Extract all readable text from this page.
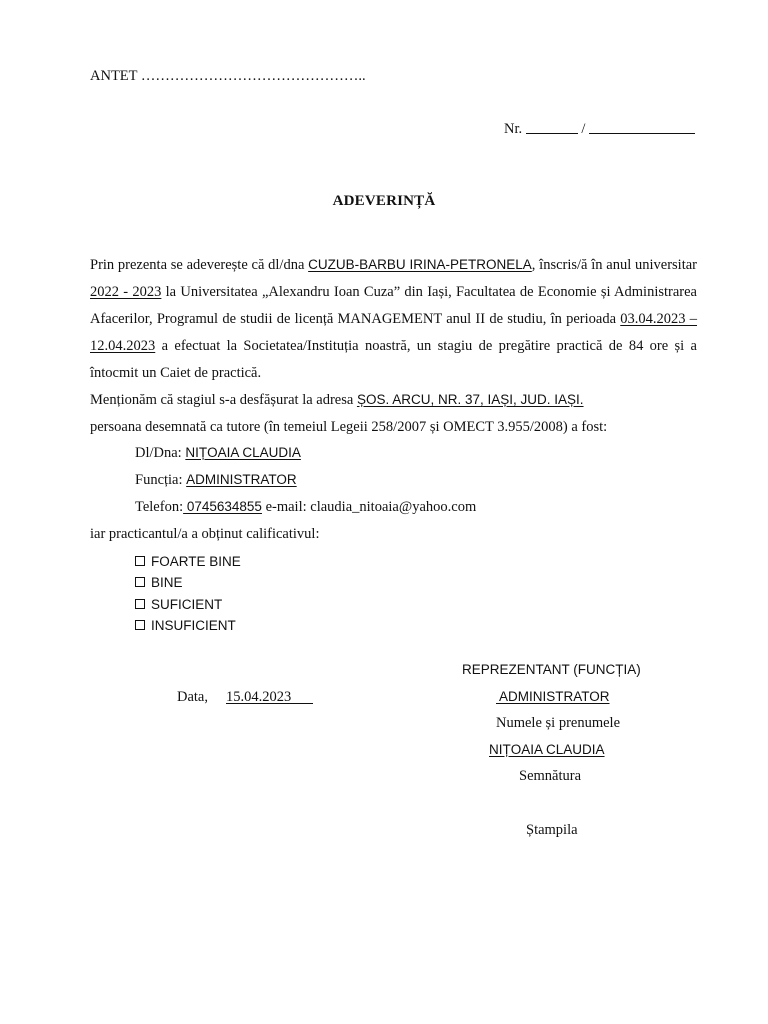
ANTET ………………………………………..
Nr.	/
ADEVERINȚĂ
Prin prezenta se adeverește că dl/dna CUZUB-BARBU IRINA-PETRONELA, înscris/ă în anul universitar 2022 - 2023 la Universitatea „Alexandru Ioan Cuza” din Iași, Facultatea de Economie și Administrarea Afacerilor, Programul de studii de licență MANAGEMENT anul II de studiu, în perioada 03.04.2023 – 12.04.2023 a efectuat la Societatea/Instituția noastră, un stagiu de pregătire practică de 84 ore și a întocmit un Caiet de practică.
Menționăm că stagiul s-a desfășurat la adresa ȘOS. ARCU, NR. 37, IAȘI, JUD. IAȘI.
persoana desemnată ca tutore (în temeiul Legeii 258/2007 și OMECT 3.955/2008) a fost:
Dl/Dna: NIȚOAIA CLAUDIA
Funcția: ADMINISTRATOR
Telefon: 0745634855 e-mail: claudia_nitoaia@yahoo.com
iar practicantul/a a obținut calificativul:
FOARTE BINE
BINE
SUFICIENT
INSUFICIENT
REPREZENTANT (FUNCȚIA)
Data, 15.04.2023	ADMINISTRATOR
Numele și prenumele
NIȚOAIA CLAUDIA
Semnătura
Ștampila
